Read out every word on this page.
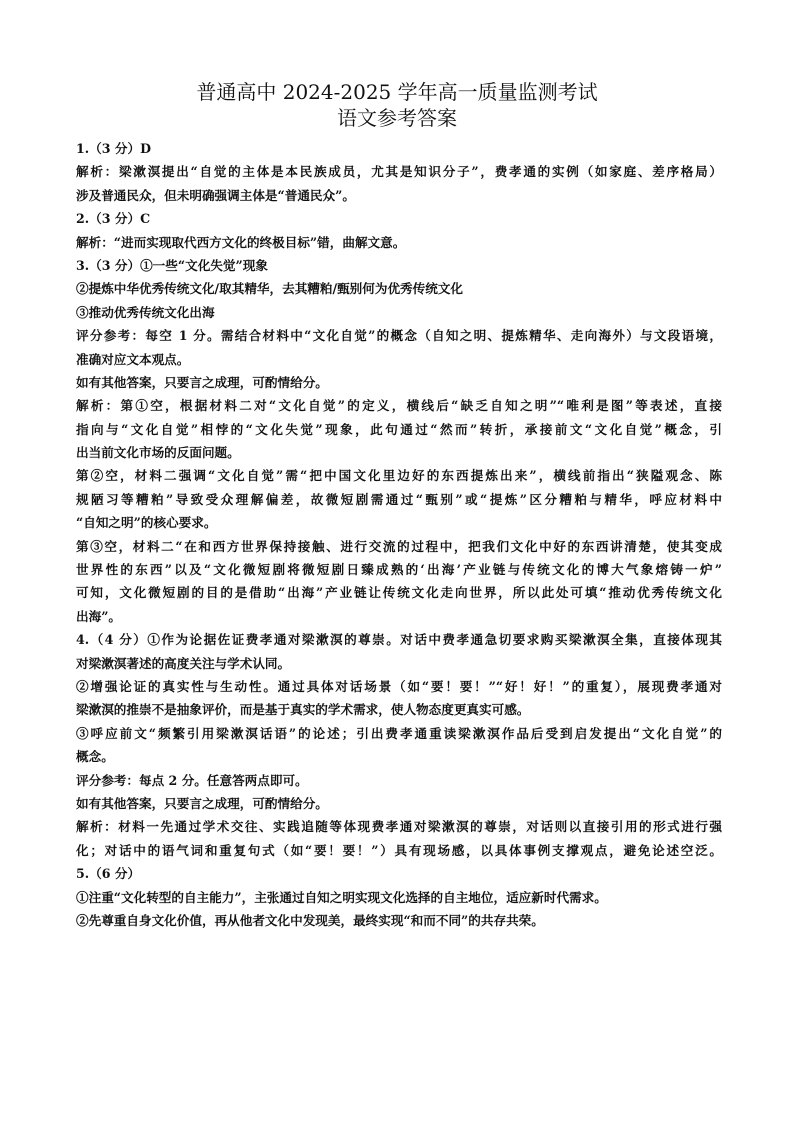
普通高中 2024-2025 学年高一质量监测考试
语文参考答案
1.（3 分）D
解析：梁漱溟提出“自觉的主体是本民族成员，尤其是知识分子”，费孝通的实例（如家庭、差序格局）
涉及普通民众，但未明确强调主体是“普通民众”。
2.（3 分）C
解析：“进而实现取代西方文化的终极目标”错，曲解文意。
3.（3 分）①一些“文化失觉”现象
②提炼中华优秀传统文化/取其精华，去其糟粕/甄别何为优秀传统文化
③推动优秀传统文化出海
评分参考：每空 1 分。需结合材料中“文化自觉”的概念（自知之明、提炼精华、走向海外）与文段语境，
准确对应文本观点。
如有其他答案，只要言之成理，可酌情给分。
解析：第①空，根据材料二对“文化自觉”的定义，横线后“缺乏自知之明”“唯利是图”等表述，直接
指向与“文化自觉”相悖的“文化失觉”现象，此句通过“然而”转折，承接前文“文化自觉”概念，引
出当前文化市场的反面问题。
第②空，材料二强调“文化自觉”需“把中国文化里边好的东西提炼出来”，横线前指出“狭隘观念、陈
规陋习等糟粕”导致受众理解偏差，故微短剧需通过“甄别”或“提炼”区分糟粕与精华，呼应材料中
“自知之明”的核心要求。
第③空，材料二“在和西方世界保持接触、进行交流的过程中，把我们文化中好的东西讲清楚，使其变成
世界性的东西”以及“文化微短剧将微短剧日臻成熟的‘出海’产业链与传统文化的博大气象熔铸一炉”
可知，文化微短剧的目的是借助“出海”产业链让传统文化走向世界，所以此处可填“推动优秀传统文化
出海”。
4.（4 分）①作为论据佐证费孝通对梁漱溟的尊崇。对话中费孝通急切要求购买梁漱溟全集，直接体现其
对梁漱溟著述的高度关注与学术认同。
②增强论证的真实性与生动性。通过具体对话场景（如“要！要！”“好！好！”的重复），展现费孝通对
梁漱溟的推崇不是抽象评价，而是基于真实的学术需求，使人物态度更真实可感。
③呼应前文“频繁引用梁漱溟话语”的论述；引出费孝通重读梁漱溟作品后受到启发提出“文化自觉”的
概念。
评分参考：每点 2 分。任意答两点即可。
如有其他答案，只要言之成理，可酌情给分。
解析：材料一先通过学术交往、实践追随等体现费孝通对梁漱溟的尊崇，对话则以直接引用的形式进行强
化；对话中的语气词和重复句式（如“要！要！”）具有现场感，以具体事例支撑观点，避免论述空泛。
5.（6 分）
①注重“文化转型的自主能力”，主张通过自知之明实现文化选择的自主地位，适应新时代需求。
②先尊重自身文化价值，再从他者文化中发现美，最终实现“和而不同”的共存共荣。
